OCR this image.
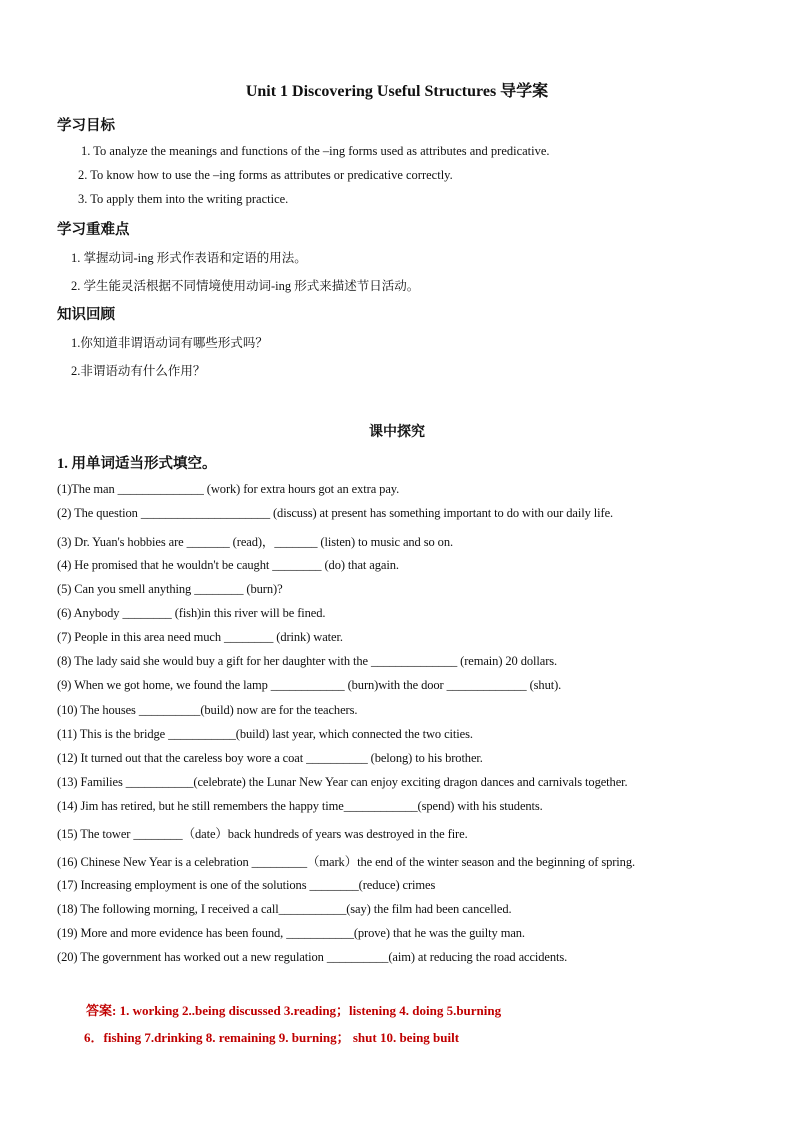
Unit 1 Discovering Useful Structures 导学案
学习目标
1. To analyze the meanings and functions of the –ing forms used as attributes and predicative.
2. To know how to use the –ing forms as attributes or predicative correctly.
3. To apply them into the writing practice.
学习重难点
1. 掌握动词-ing 形式作表语和定语的用法。
2. 学生能灵活根据不同情境使用动词-ing 形式来描述节日活动。
知识回顾
1.你知道非谓语动词有哪些形式吗？
2.非谓语动有什么作用？
课中探究
1. 用单词适当形式填空。
(1)The man ______________ (work) for extra hours got an extra pay.
(2) The question _____________________ (discuss) at present has something important to do with our daily life.
(3) Dr. Yuan's hobbies are _______ (read)，_______ (listen) to music and so on.
(4) He promised that he wouldn't be caught ________ (do) that again.
(5) Can you smell anything ________ (burn)?
(6) Anybody ________ (fish)in this river will be fined.
(7) People in this area need much ________ (drink) water.
(8) The lady said she would buy a gift for her daughter with the ______________ (remain) 20 dollars.
(9) When we got home, we found the lamp ____________ (burn)with the door _____________ (shut).
(10) The houses __________(build) now are for the teachers.
(11) This is the bridge ___________(build) last year, which connected the two cities.
(12) It turned out that the careless boy wore a coat __________ (belong) to his brother.
(13) Families ___________(celebrate) the Lunar New Year can enjoy exciting dragon dances and carnivals together.
(14) Jim has retired, but he still remembers the happy time____________(spend) with his students.
(15) The tower ________（date）back hundreds of years was destroyed in the fire.
(16) Chinese New Year is a celebration _________（mark）the end of the winter season and the beginning of spring.
(17) Increasing employment is one of the solutions ________(reduce) crimes
(18) The following morning, I received a call___________(say) the film had been cancelled.
(19) More and more evidence has been found, ___________(prove) that he was the guilty man.
(20) The government has worked out a new regulation __________(aim) at reducing the road accidents.
答案: 1. working 2..being discussed 3.reading；listening 4. doing 5.burning
6．fishing 7.drinking 8. remaining 9. burning； shut 10. being built
